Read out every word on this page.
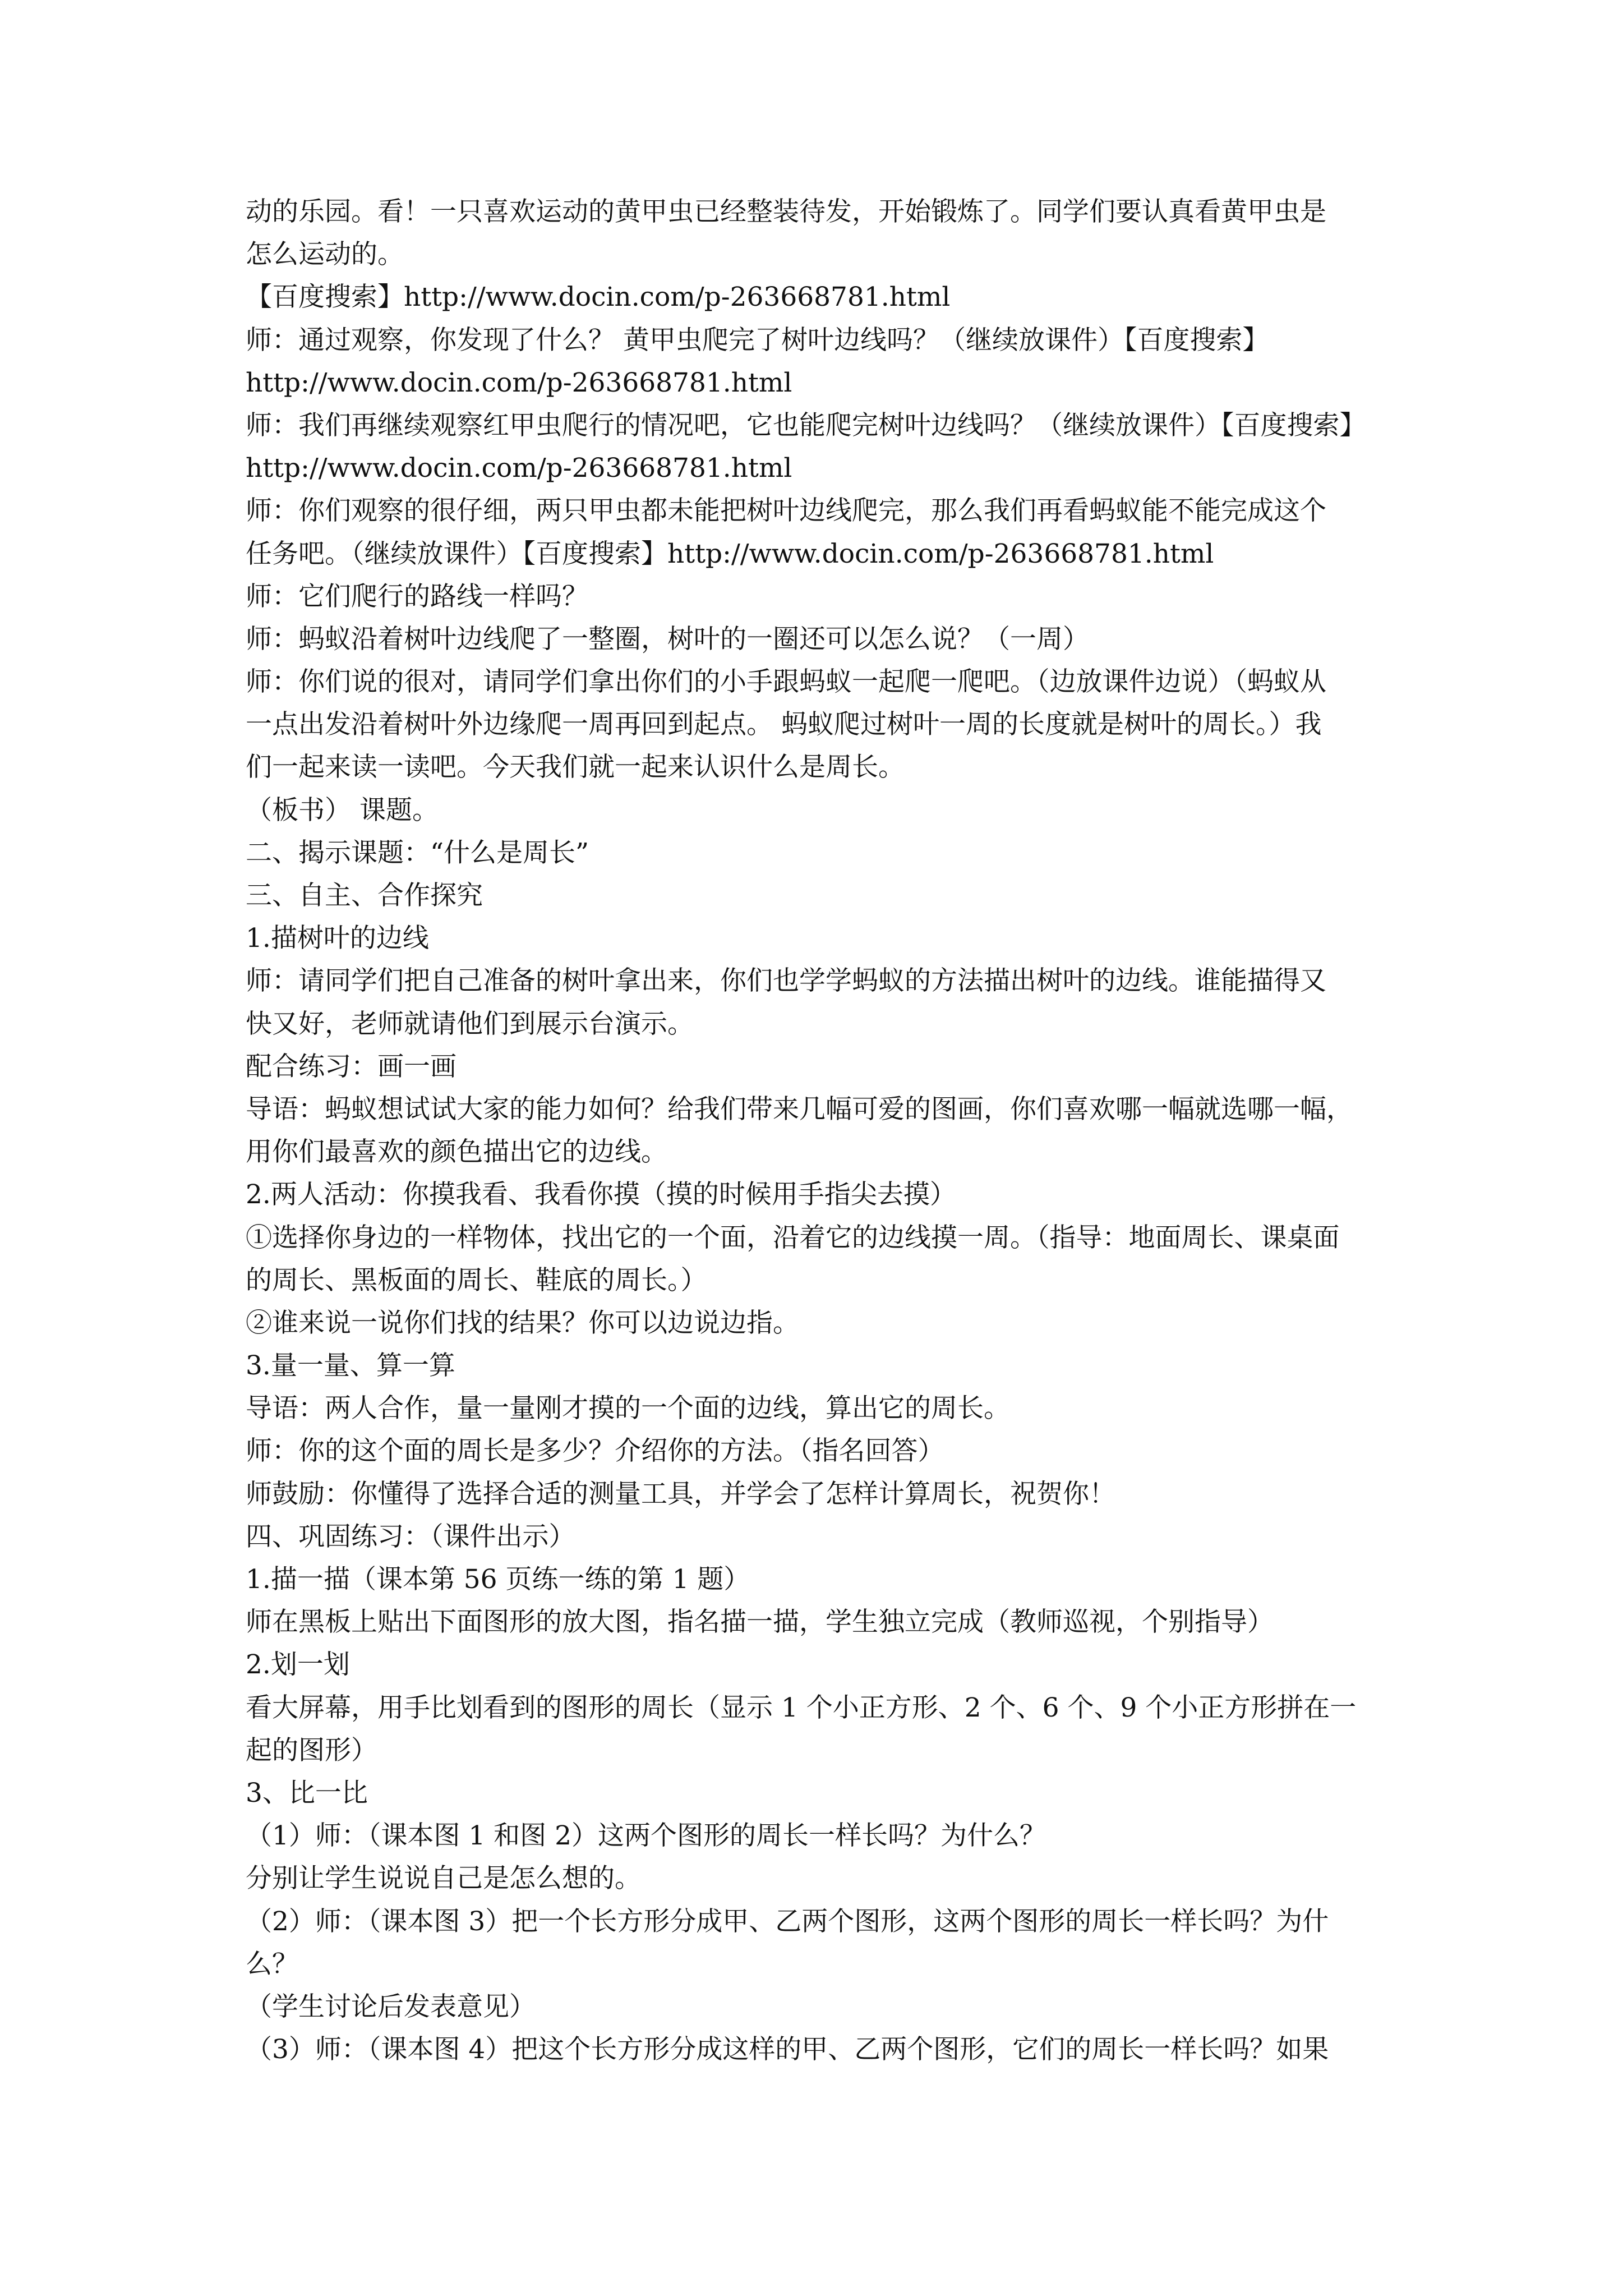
动的乐园。看！一只喜欢运动的黄甲虫已经整装待发，开始锻炼了。同学们要认真看黄甲虫是
怎么运动的。
【百度搜索】http://www.docin.com/p-263668781.html
师：通过观察，你发现了什么？ 黄甲虫爬完了树叶边线吗？（继续放课件）【百度搜索】
http://www.docin.com/p-263668781.html
师：我们再继续观察红甲虫爬行的情况吧，它也能爬完树叶边线吗？（继续放课件）【百度搜索】
http://www.docin.com/p-263668781.html
师：你们观察的很仔细，两只甲虫都未能把树叶边线爬完，那么我们再看蚂蚁能不能完成这个
任务吧。（继续放课件）【百度搜索】http://www.docin.com/p-263668781.html
师：它们爬行的路线一样吗？
师：蚂蚁沿着树叶边线爬了一整圈，树叶的一圈还可以怎么说？（一周）
师：你们说的很对，请同学们拿出你们的小手跟蚂蚁一起爬一爬吧。（边放课件边说）（蚂蚁从
一点出发沿着树叶外边缘爬一周再回到起点。 蚂蚁爬过树叶一周的长度就是树叶的周长。）我
们一起来读一读吧。今天我们就一起来认识什么是周长。
（板书） 课题。
二、揭示课题：“什么是周长”
三、自主、合作探究
1.描树叶的边线
师：请同学们把自己准备的树叶拿出来，你们也学学蚂蚁的方法描出树叶的边线。谁能描得又
快又好，老师就请他们到展示台演示。
配合练习：画一画
导语：蚂蚁想试试大家的能力如何？给我们带来几幅可爱的图画，你们喜欢哪一幅就选哪一幅，
用你们最喜欢的颜色描出它的边线。
2.两人活动：你摸我看、我看你摸（摸的时候用手指尖去摸）
①选择你身边的一样物体，找出它的一个面，沿着它的边线摸一周。（指导：地面周长、课桌面
的周长、黑板面的周长、鞋底的周长。）
②谁来说一说你们找的结果？你可以边说边指。
3.量一量、算一算
导语：两人合作，量一量刚才摸的一个面的边线，算出它的周长。
师：你的这个面的周长是多少？介绍你的方法。（指名回答）
师鼓励：你懂得了选择合适的测量工具，并学会了怎样计算周长，祝贺你！
四、巩固练习：（课件出示）
1.描一描（课本第 56 页练一练的第 1 题）
师在黑板上贴出下面图形的放大图，指名描一描，学生独立完成（教师巡视，个别指导）
2.划一划
看大屏幕，用手比划看到的图形的周长（显示 1 个小正方形、2 个、6 个、9 个小正方形拼在一
起的图形）
3、比一比
（1）师：（课本图 1 和图 2）这两个图形的周长一样长吗？为什么？
分别让学生说说自己是怎么想的。
（2）师：（课本图 3）把一个长方形分成甲、乙两个图形，这两个图形的周长一样长吗？为什
么？
（学生讨论后发表意见）
（3）师：（课本图 4）把这个长方形分成这样的甲、乙两个图形，它们的周长一样长吗？如果
